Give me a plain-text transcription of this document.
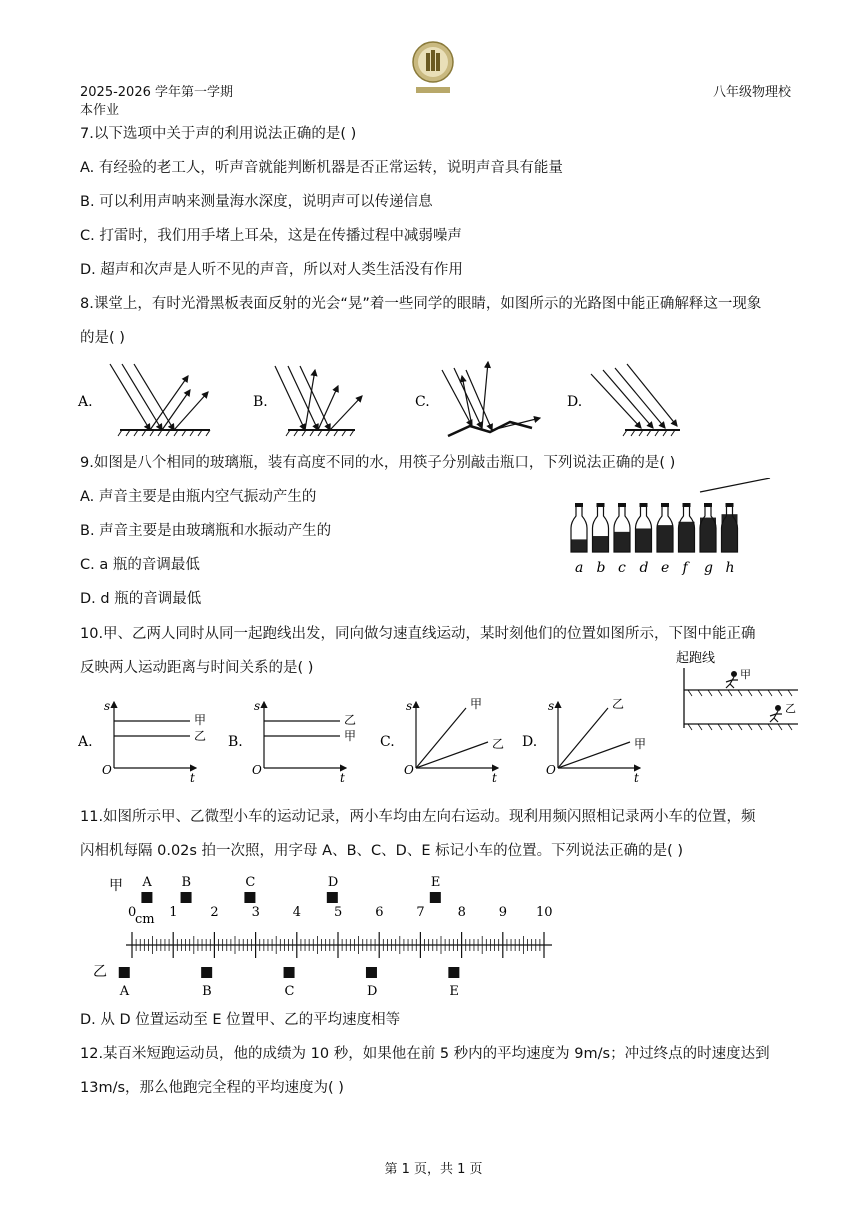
2025-2026 学年第一学期	八年级物理校
本作业
7.以下选项中关于声的利用说法正确的是( )
A. 有经验的老工人，听声音就能判断机器是否正常运转，说明声音具有能量
B. 可以利用声呐来测量海水深度，说明声可以传递信息
C. 打雷时，我们用手堵上耳朵，这是在传播过程中减弱噪声
D. 超声和次声是人听不见的声音，所以对人类生活没有作用
8.课堂上，有时光滑黑板表面反射的光会“晃”着一些同学的眼睛，如图所示的光路图中能正确解释这一现象
的是( )
A.	B.	C.	D.
9.如图是八个相同的玻璃瓶，装有高度不同的水，用筷子分别敲击瓶口，下列说法正确的是( )
A. 声音主要是由瓶内空气振动产生的
B. 声音主要是由玻璃瓶和水振动产生的
C. a 瓶的音调最低
D. d 瓶的音调最低
a b c d e f g h
10.甲、乙两人同时从同一起跑线出发，同向做匀速直线运动，某时刻他们的位置如图所示，下图中能正确
反映两人运动距离与时间关系的是( )
起跑线
甲
乙
A.
s
t
O
甲
乙 B.
s
t
O
乙
甲 C.
s
t
O
甲
乙 D.
s
t
O
乙
甲
11.如图所示甲、乙微型小车的运动记录，两小车均由左向右运动。现利用频闪照相记录两小车的位置，频
闪相机每隔 0.02s 拍一次照，用字母 A、B、C、D、E 标记小车的位置。下列说法正确的是( )
甲
乙
cm
0	1	2	3	4	5	6	7	8	9 10
A B	C	D	E
A	B	C	D	E
D. 从 D 位置运动至 E 位置甲、乙的平均速度相等
12.某百米短跑运动员，他的成绩为 10 秒，如果他在前 5 秒内的平均速度为 9m/s；冲过终点的时速度达到
13m/s，那么他跑完全程的平均速度为( )
第 1 页，共 1 页
